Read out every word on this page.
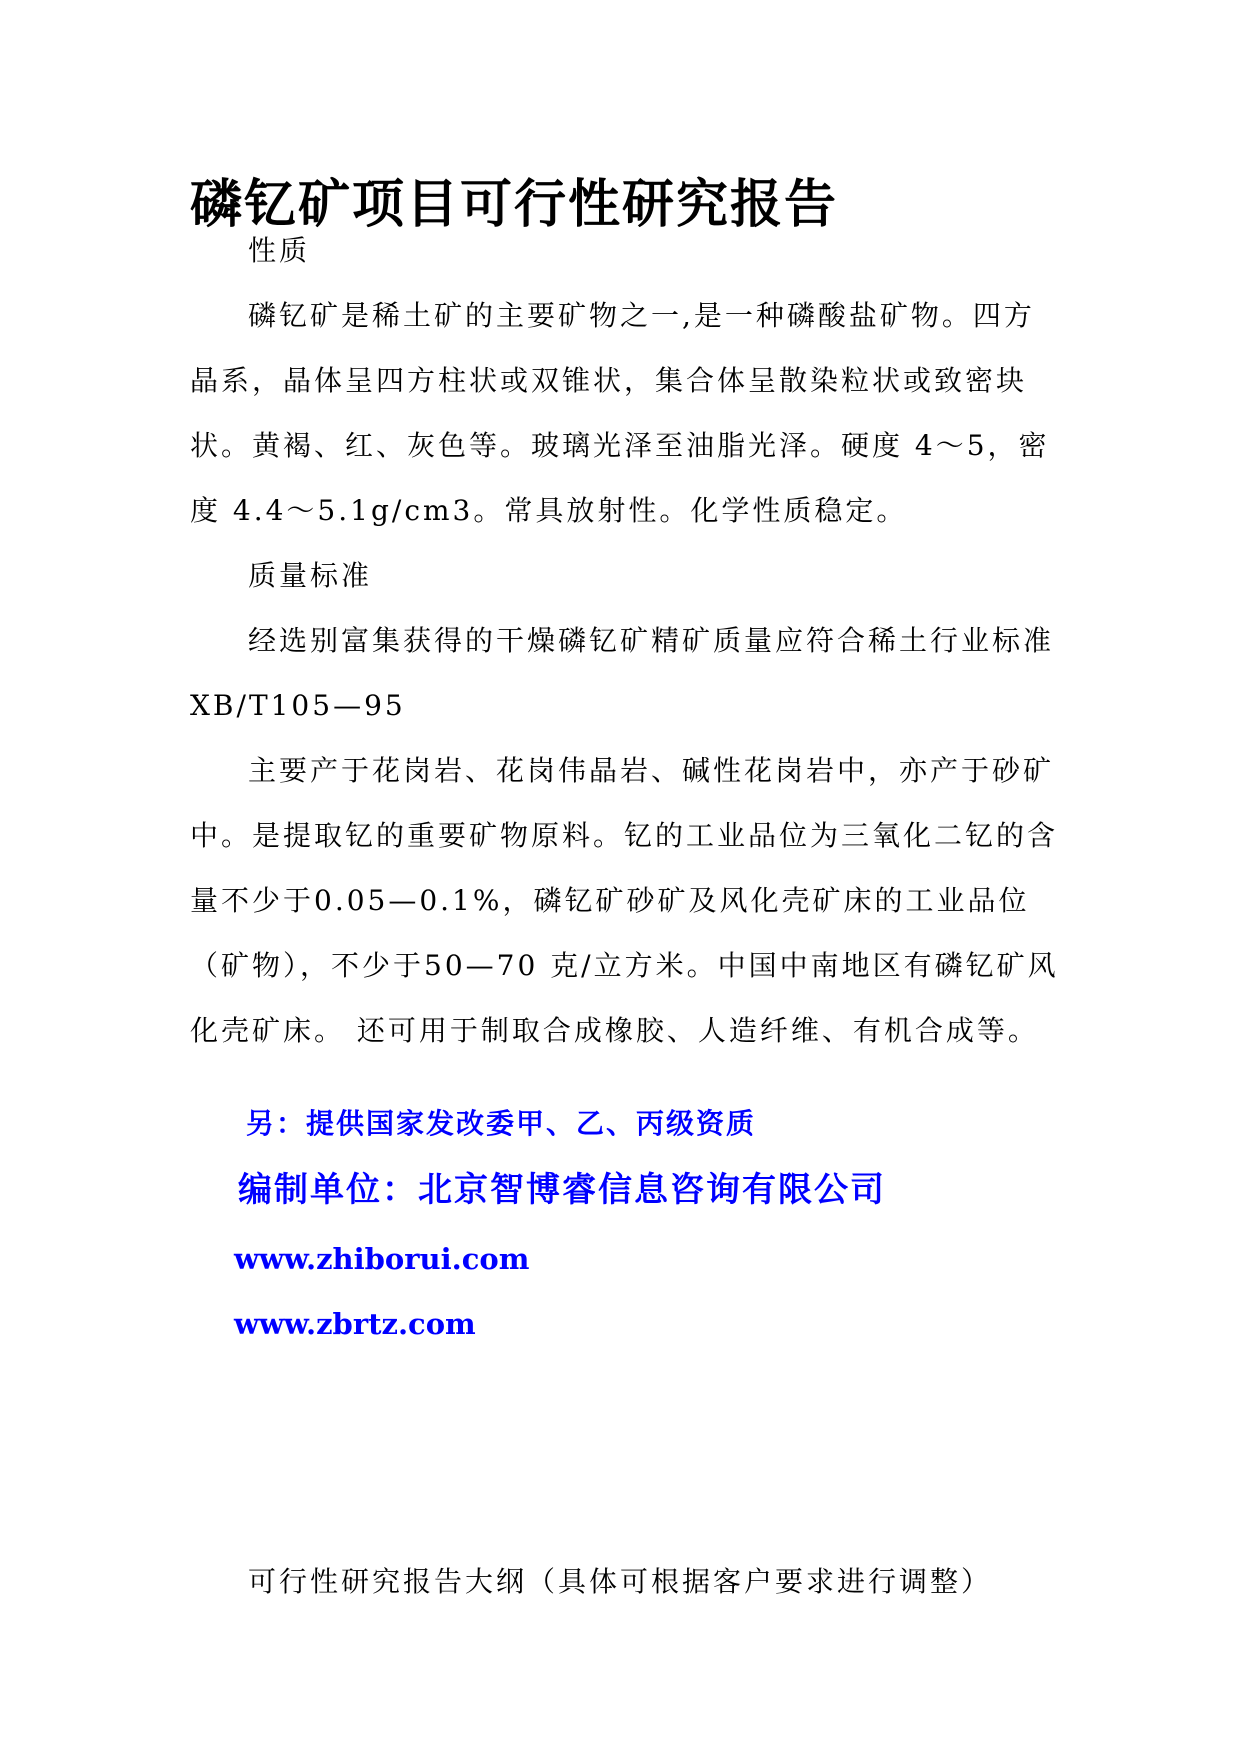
磷钇矿项目可行性研究报告

性质

磷钇矿是稀土矿的主要矿物之一,是一种磷酸盐矿物。四方晶系，晶体呈四方柱状或双锥状，集合体呈散染粒状或致密块状。黄褐、红、灰色等。玻璃光泽至油脂光泽。硬度 4～5，密度 4.4～5.1g/cm3。常具放射性。化学性质稳定。

质量标准

经选别富集获得的干燥磷钇矿精矿质量应符合稀土行业标准XB/T105—95

主要产于花岗岩、花岗伟晶岩、碱性花岗岩中，亦产于砂矿中。是提取钇的重要矿物原料。钇的工业品位为三氧化二钇的含量不少于0.05—0.1%，磷钇矿砂矿及风化壳矿床的工业品位（矿物），不少于50—70 克/立方米。中国中南地区有磷钇矿风化壳矿床。 还可用于制取合成橡胶、人造纤维、有机合成等。

另：提供国家发改委甲、乙、丙级资质

编制单位：北京智博睿信息咨询有限公司

www.zhiborui.com

www.zbrtz.com

可行性研究报告大纲（具体可根据客户要求进行调整）
